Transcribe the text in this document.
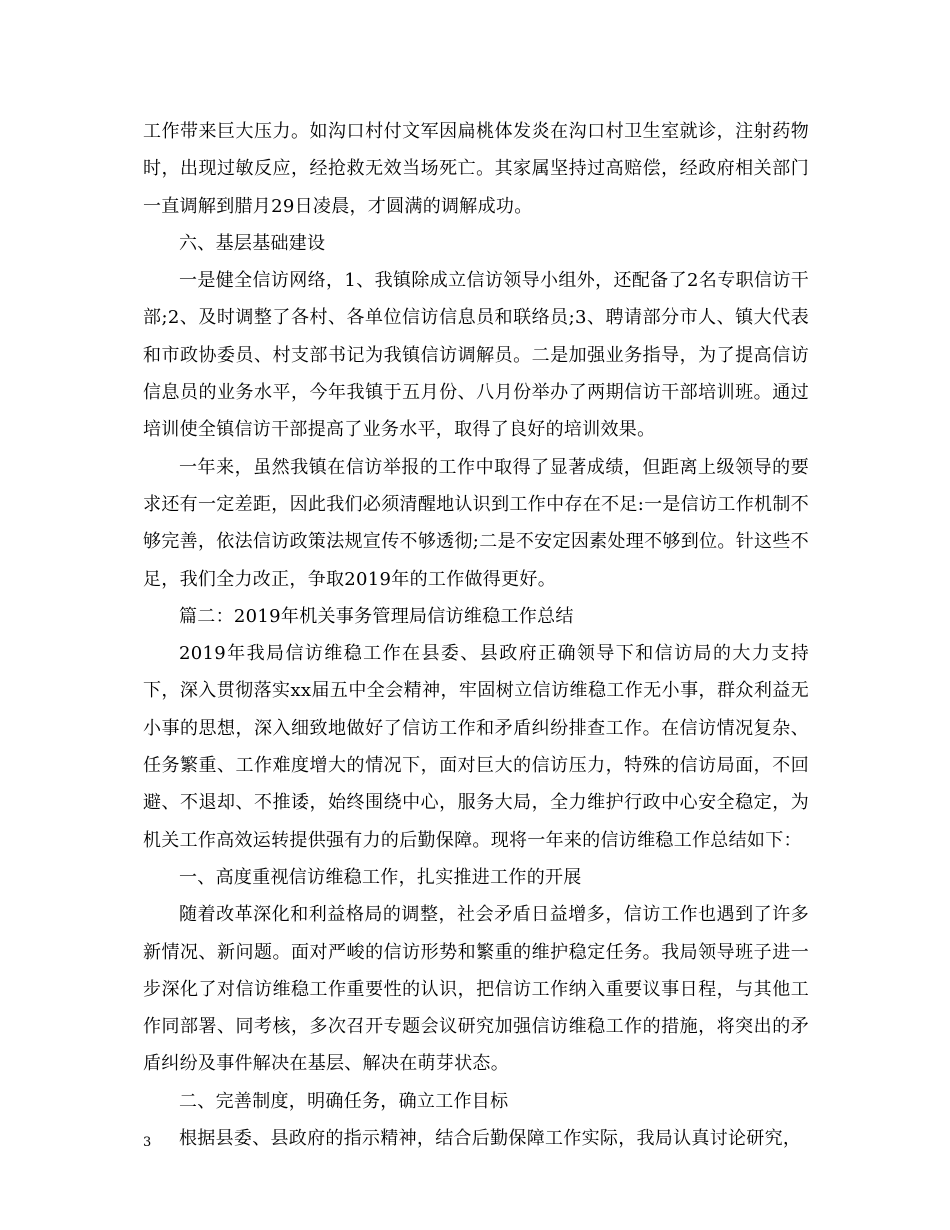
工作带来巨大压力。如沟口村付文军因扁桃体发炎在沟口村卫生室就诊，注射药物时，出现过敏反应，经抢救无效当场死亡。其家属坚持过高赔偿，经政府相关部门一直调解到腊月29日凌晨，才圆满的调解成功。

六、基层基础建设

一是健全信访网络，1、我镇除成立信访领导小组外，还配备了2名专职信访干部;2、及时调整了各村、各单位信访信息员和联络员;3、聘请部分市人、镇大代表和市政协委员、村支部书记为我镇信访调解员。二是加强业务指导，为了提高信访信息员的业务水平，今年我镇于五月份、八月份举办了两期信访干部培训班。通过培训使全镇信访干部提高了业务水平，取得了良好的培训效果。

一年来，虽然我镇在信访举报的工作中取得了显著成绩，但距离上级领导的要求还有一定差距，因此我们必须清醒地认识到工作中存在不足:一是信访工作机制不够完善，依法信访政策法规宣传不够透彻;二是不安定因素处理不够到位。针这些不足，我们全力改正，争取2019年的工作做得更好。

篇二：2019年机关事务管理局信访维稳工作总结

2019年我局信访维稳工作在县委、县政府正确领导下和信访局的大力支持下，深入贯彻落实xx届五中全会精神，牢固树立信访维稳工作无小事，群众利益无小事的思想，深入细致地做好了信访工作和矛盾纠纷排查工作。在信访情况复杂、任务繁重、工作难度增大的情况下，面对巨大的信访压力，特殊的信访局面，不回避、不退却、不推诿，始终围绕中心，服务大局，全力维护行政中心安全稳定，为机关工作高效运转提供强有力的后勤保障。现将一年来的信访维稳工作总结如下：

一、高度重视信访维稳工作，扎实推进工作的开展

随着改革深化和利益格局的调整，社会矛盾日益增多，信访工作也遇到了许多新情况、新问题。面对严峻的信访形势和繁重的维护稳定任务。我局领导班子进一步深化了对信访维稳工作重要性的认识，把信访工作纳入重要议事日程，与其他工作同部署、同考核，多次召开专题会议研究加强信访维稳工作的措施，将突出的矛盾纠纷及事件解决在基层、解决在萌芽状态。

二、完善制度，明确任务，确立工作目标

根据县委、县政府的指示精神，结合后勤保障工作实际，我局认真讨论研究，

3
